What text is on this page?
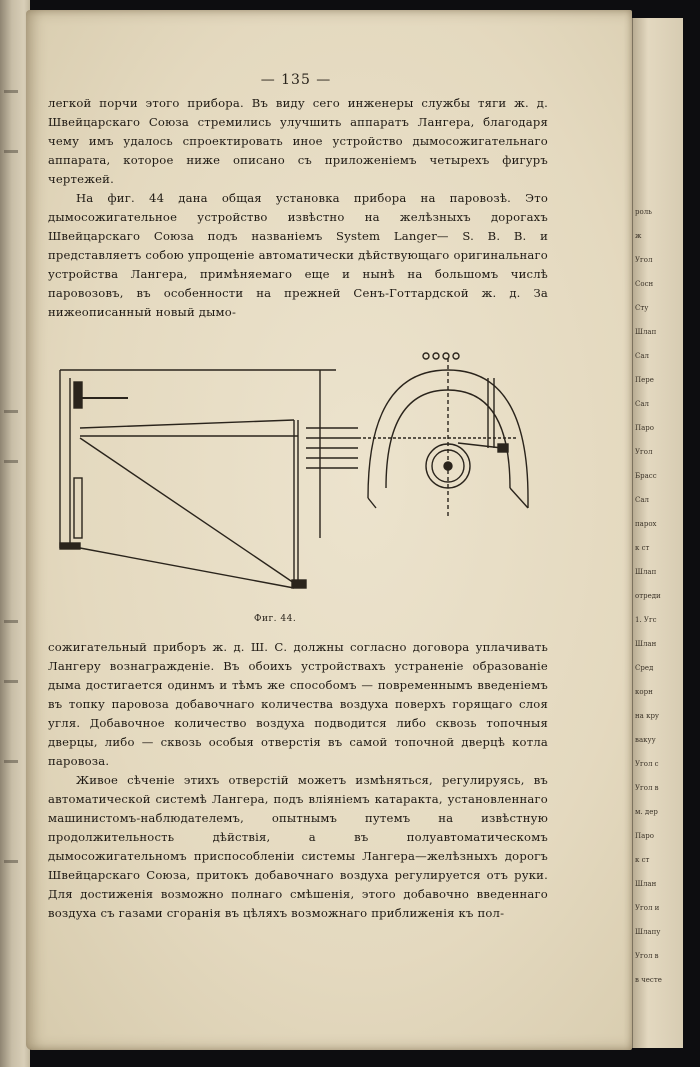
роль
ж
Угол
Сосн
Сту
Шлап
Сал
Пере
Сал
Паро
Угол
Брасс
Сал
парох
к ст
Шлап
отреди
1. Угс
Шлан
Сред
корн
на кру
вакуу
Угол с
Угол в
м. дер
Паро
к ст
Шлан
Угол и
Шлапу
Угол в
в честе
— 135 —

легкой порчи этого прибора. Въ виду сего инженеры службы тяги ж. д. Швейцарскаго Союза стремились улучшить аппаратъ Лангера, благодаря чему имъ удалось спроектировать иное устройство дымосожигательнаго аппарата, которое ниже описано съ приложенiемъ четырехъ фигуръ чертежей.

На фиг. 44 дана общая установка прибора на паровозѣ. Это дымосожигательное устройство извѣстно на желѣзныхъ дорогахъ Швейцарскаго Союза подъ названiемъ System Langer— S. B. B. и представляетъ собою упрощенiе автоматически дѣйствующаго оригинальнаго устройства Лангера, примѣняемаго еще и нынѣ на большомъ числѣ паровозовъ, въ особенности на прежней Сенъ-Готтардской ж. д. За нижеописанный новый дымо-

Фиг. 44.

сожигательный приборъ ж. д. Ш. С. должны согласно договора уплачивать Лангеру вознагражденiе. Въ обоихъ устройствахъ устраненiе образованiе дыма достигается одинмъ и тѣмъ же способомъ — повременнымъ введенiемъ въ топку паровоза добавочнаго количества воздуха поверхъ горящаго слоя угля. Добавочное количество воздуха подводится либо сквозь топочныя дверцы, либо — сквозь особыя отверстiя въ самой топочной дверцѣ котла паровоза.

Живое сѣченiе этихъ отверстiй можетъ измѣняться, регулируясь, въ автоматической системѣ Лангера, подъ влiянiемъ катаракта, установленнаго машинистомъ-наблюдателемъ, опытнымъ путемъ на извѣстную продолжительность дѣйствiя, а въ полуавтоматическомъ дымосожигательномъ приспособленiи системы Лангера—желѣзныхъ дорогъ Швейцарскаго Союза, притокъ добавочнаго воздуха регулируется отъ руки. Для достиженiя возможно полнаго смѣшенiя, этого добавочно введеннаго воздуха съ газами сгоранiя въ цѣляхъ возможнаго приближенiя къ пол-
